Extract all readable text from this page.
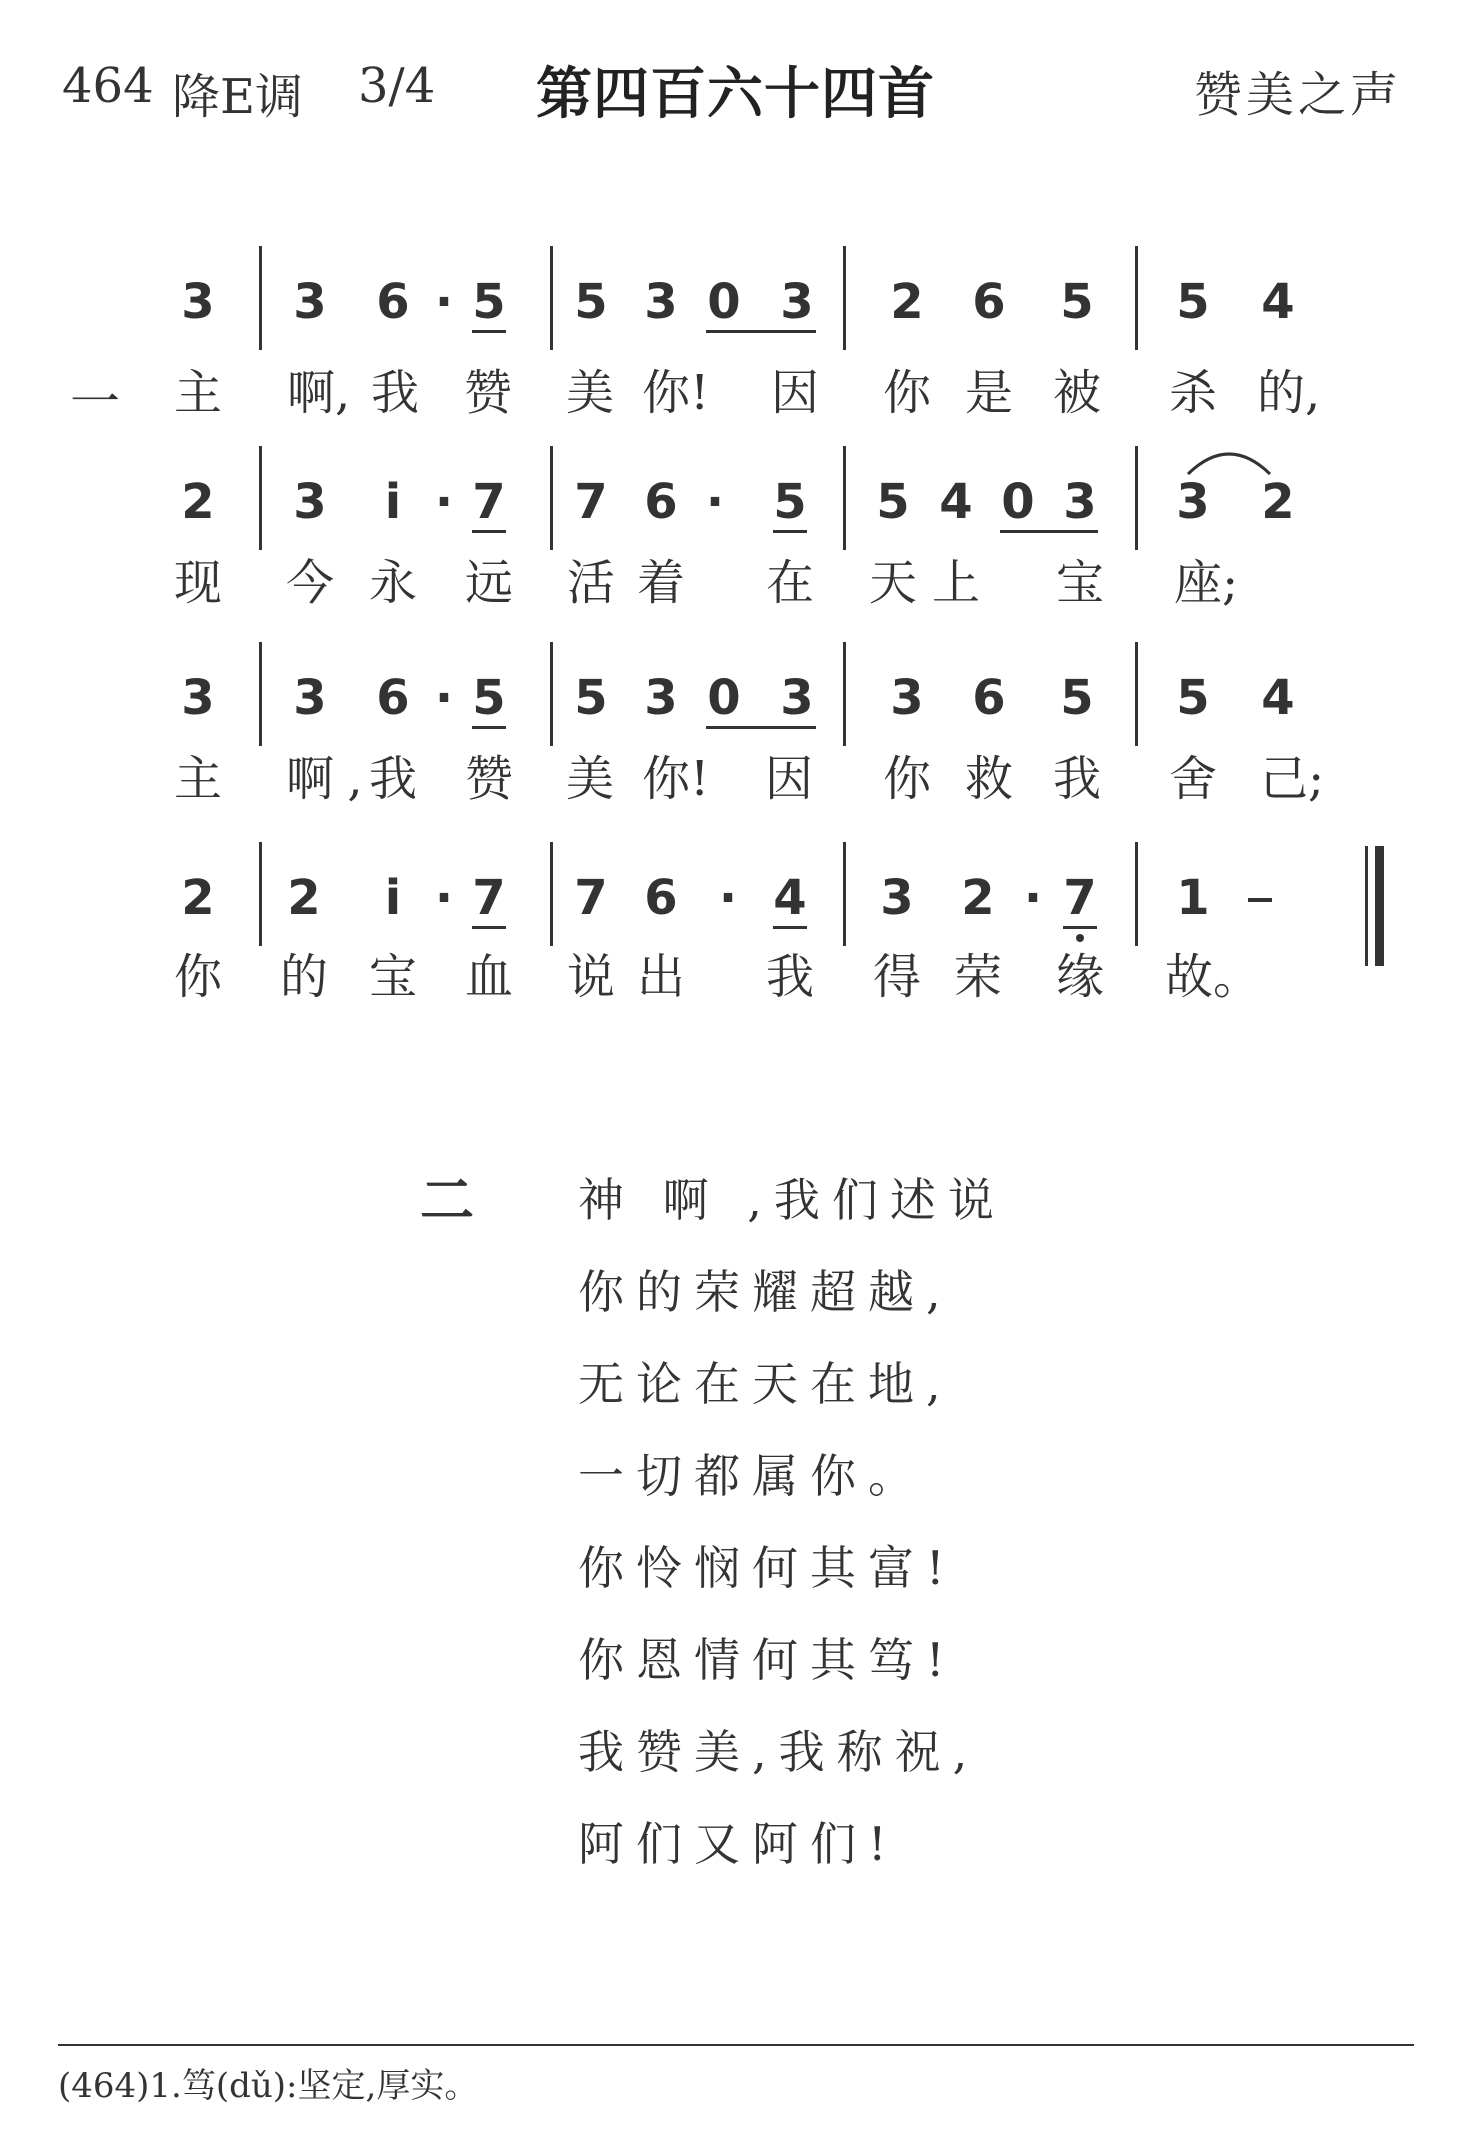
464 降E调 3/4 第四百六十四首	赞美之声
一
3 3 6 · 5 5 3 0 3 2 6 5 5 4
主 啊, 我 赞 美 你! 因 你 是 被 杀 的,
2 3	i · 7 7 6 ·	5 5 4 0 3 3 2
现 今 永 远 活 着 在 天 上 宝 座;
3 3 6 · 5 5 3 0 3 3 6 5 5 4
主 啊 , 我 赞 美 你! 因 你 救 我 舍 己;
2 2	i · 7 7 6 · 4 3 2 · 7 1
你 的 宝 血 说 出 我 得 荣 缘 故。
二 神 啊 ,我们述说
你的荣耀超越,
无论在天在地,
一切都属你。
你怜悯何其富!
你恩情何其笃!
我赞美,我称祝,
阿们又阿们!
(464)1.笃(dǔ):坚定,厚实。
